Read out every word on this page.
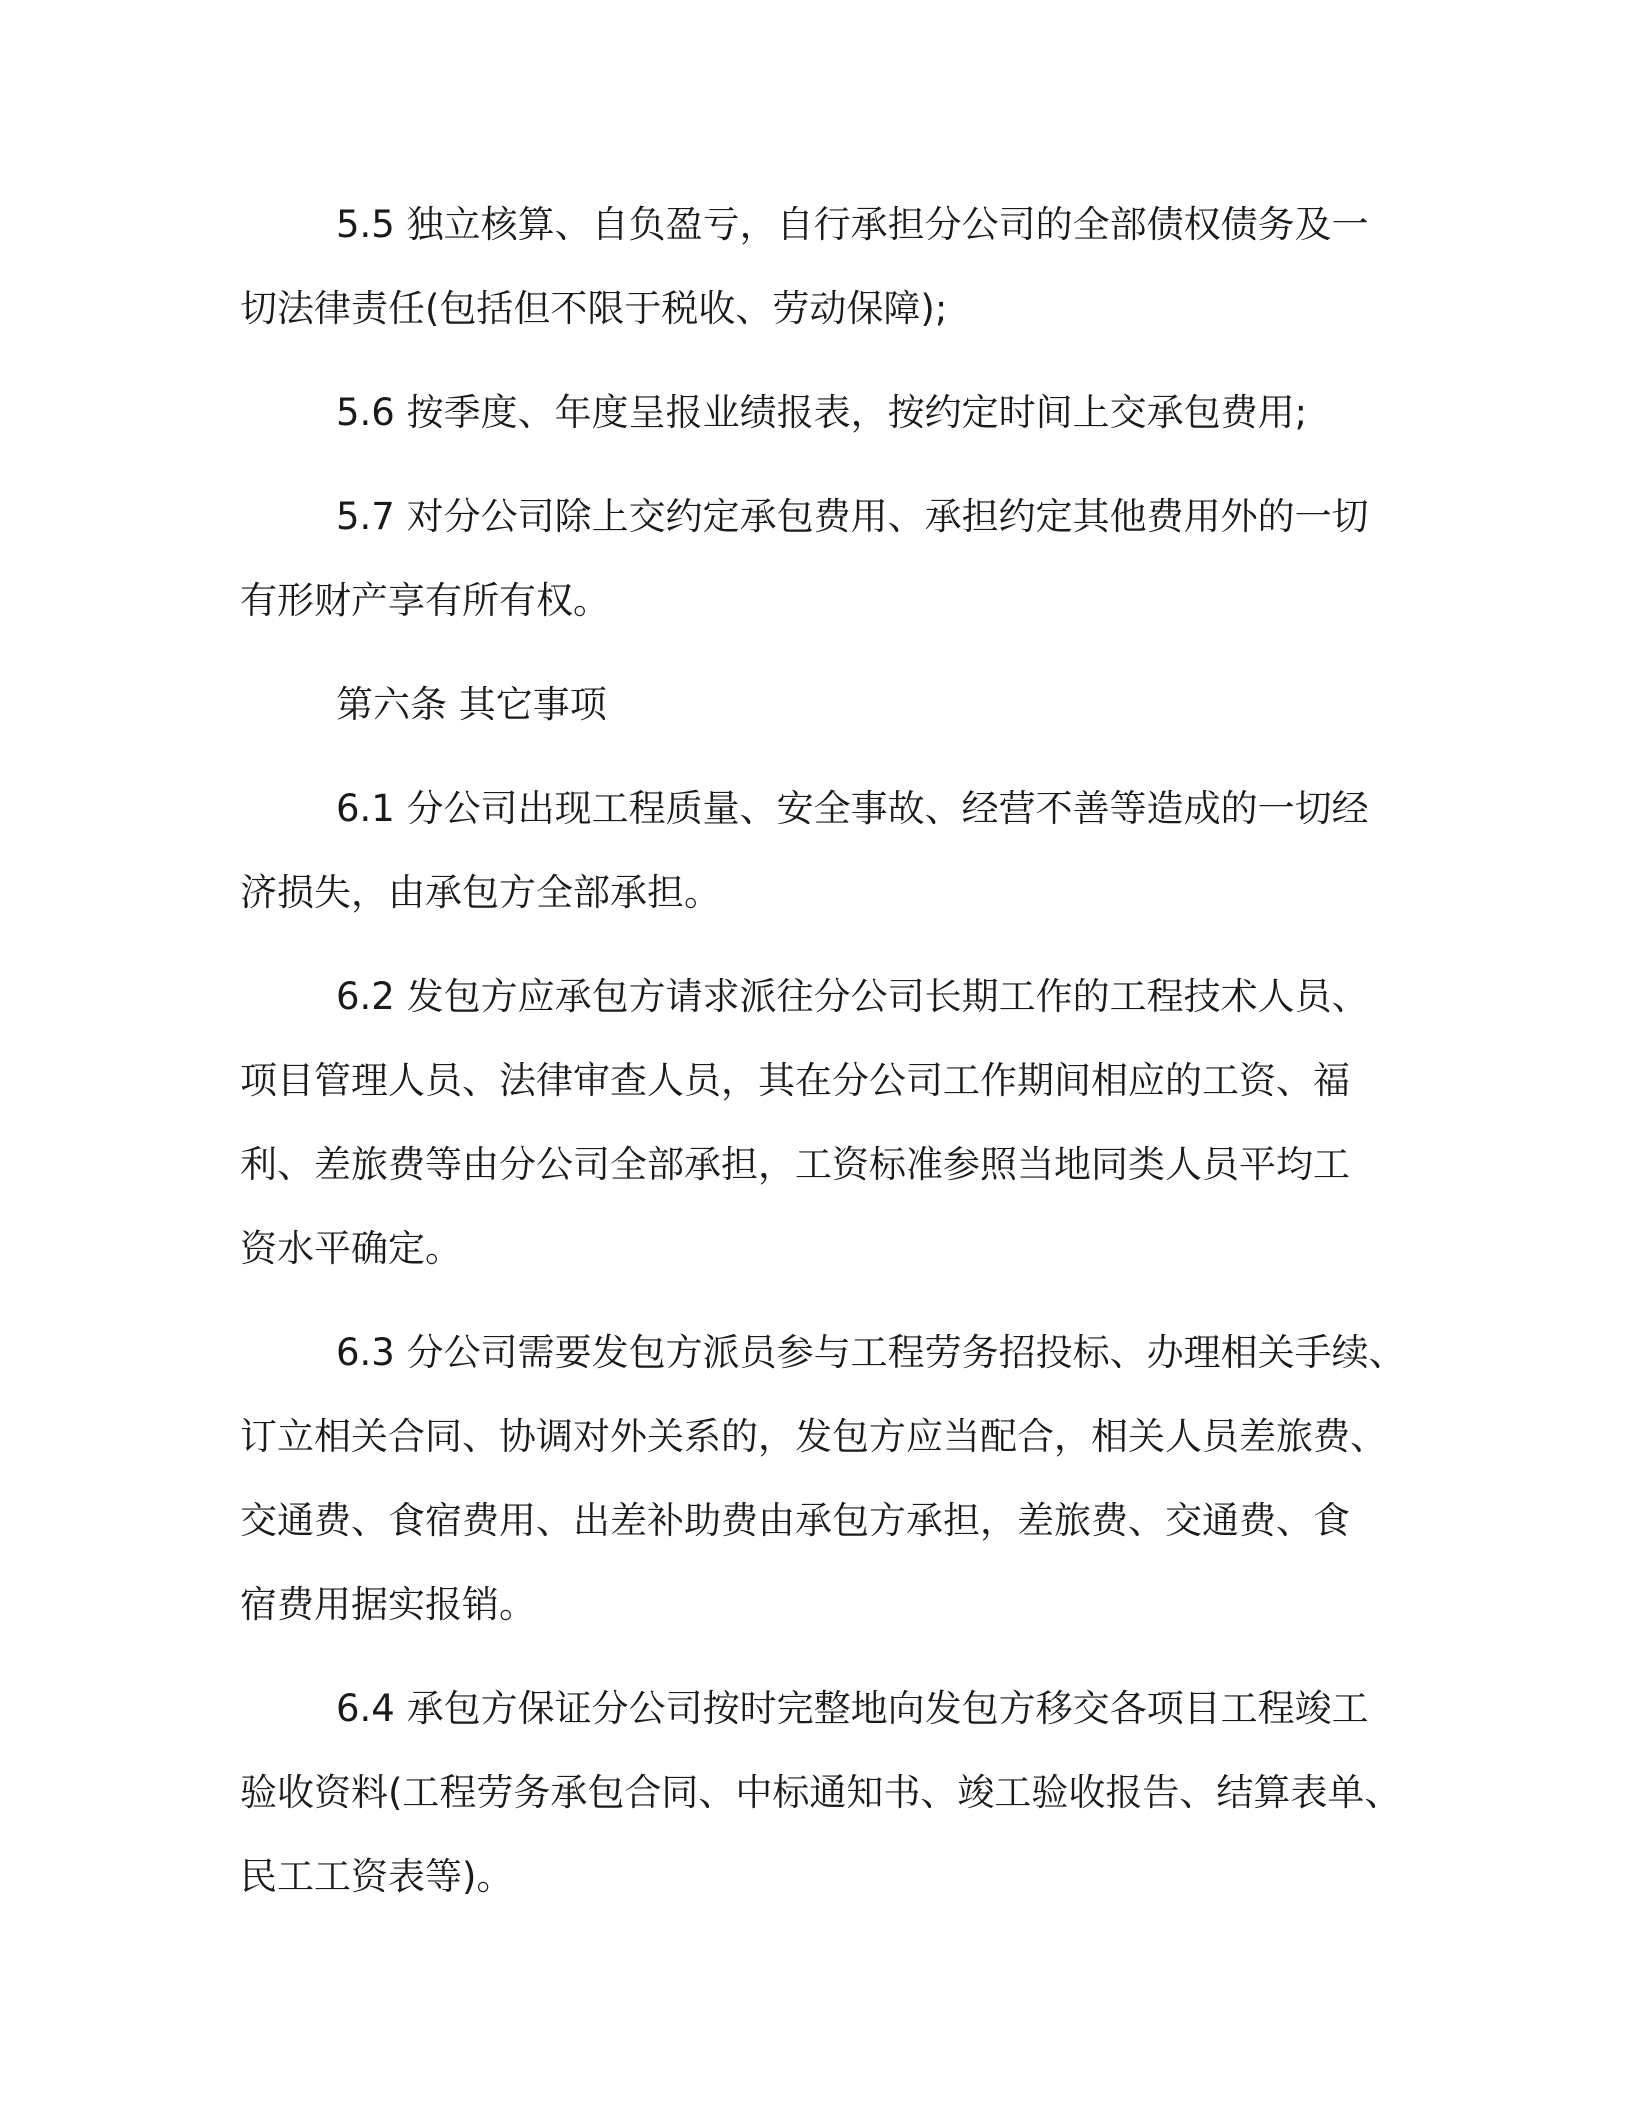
5.5 独立核算、自负盈亏，自行承担分公司的全部债权债务及一
切法律责任(包括但不限于税收、劳动保障);

5.6 按季度、年度呈报业绩报表，按约定时间上交承包费用;

5.7 对分公司除上交约定承包费用、承担约定其他费用外的一切
有形财产享有所有权。

第六条 其它事项

6.1 分公司出现工程质量、安全事故、经营不善等造成的一切经
济损失，由承包方全部承担。

6.2 发包方应承包方请求派往分公司长期工作的工程技术人员、
项目管理人员、法律审查人员，其在分公司工作期间相应的工资、福
利、差旅费等由分公司全部承担，工资标准参照当地同类人员平均工
资水平确定。

6.3 分公司需要发包方派员参与工程劳务招投标、办理相关手续、
订立相关合同、协调对外关系的，发包方应当配合，相关人员差旅费、
交通费、食宿费用、出差补助费由承包方承担，差旅费、交通费、食
宿费用据实报销。

6.4 承包方保证分公司按时完整地向发包方移交各项目工程竣工
验收资料(工程劳务承包合同、中标通知书、竣工验收报告、结算表单、
民工工资表等)。
